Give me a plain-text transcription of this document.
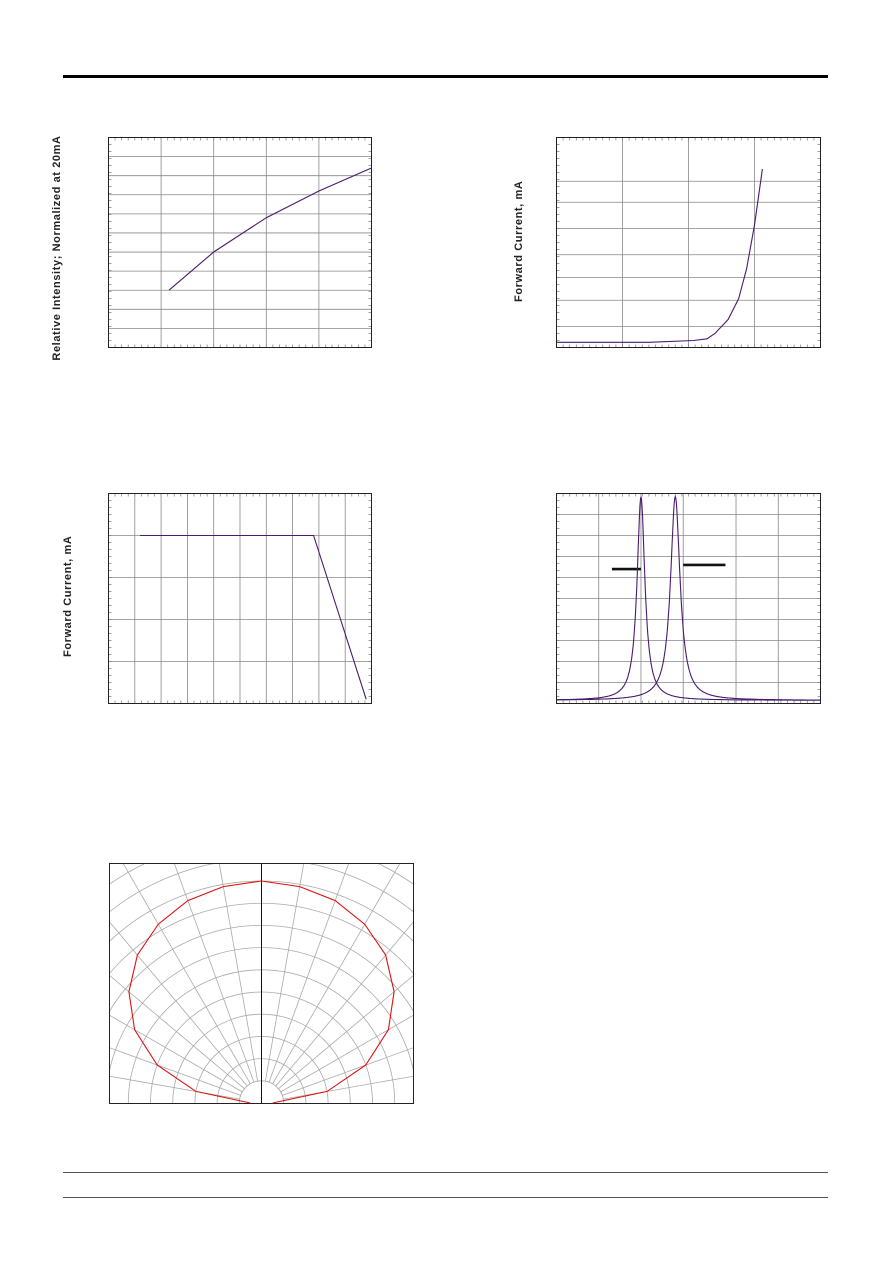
Relative Intensity; Normalized at 20mA	Forward Current, mA
Forward Current, mA
